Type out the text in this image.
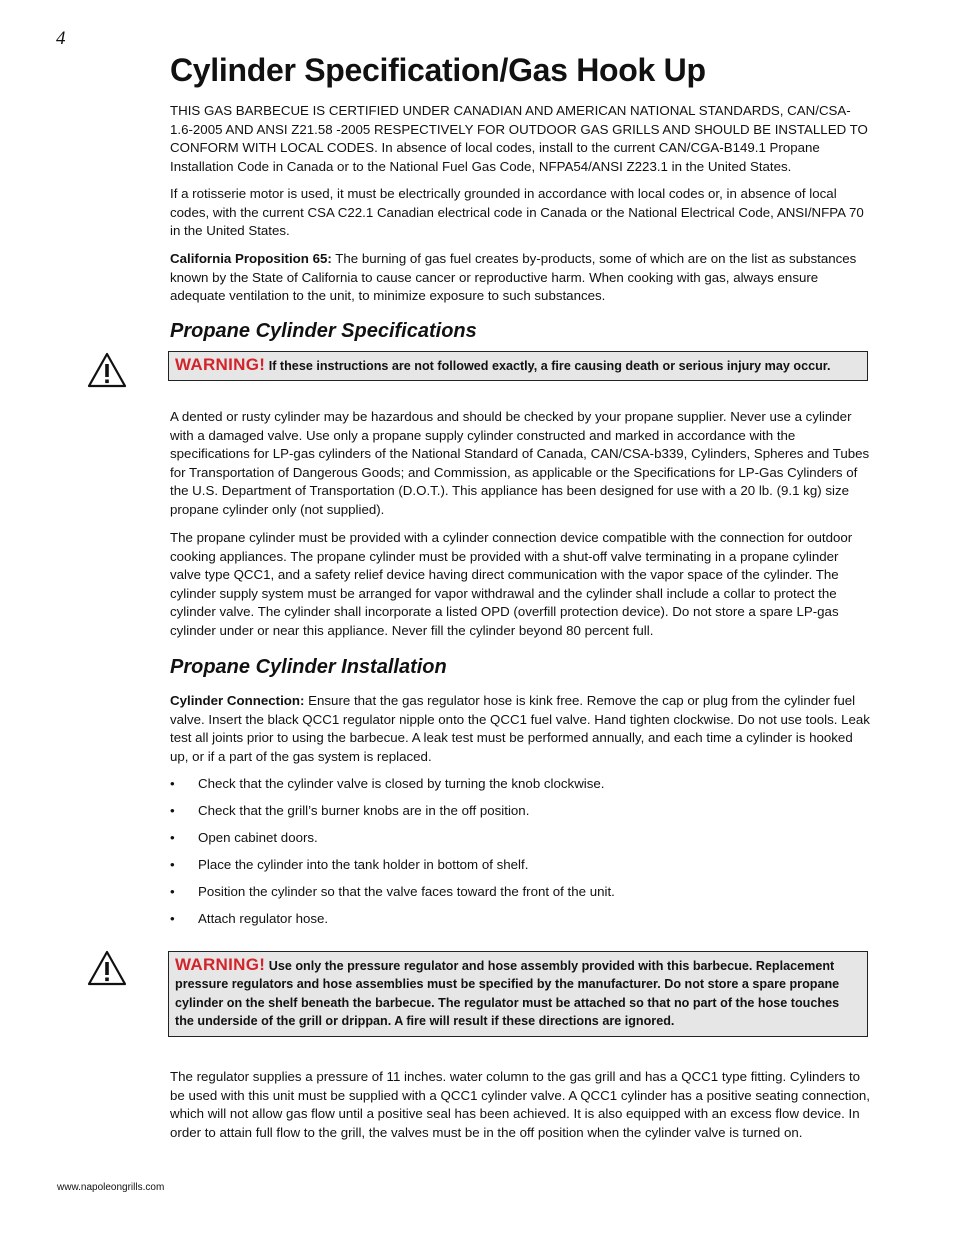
4
Cylinder Specification/Gas Hook Up

THIS GAS BARBECUE IS CERTIFIED UNDER CANADIAN AND AMERICAN NATIONAL STANDARDS, CAN/CSA-1.6-2005 AND ANSI Z21.58 -2005 RESPECTIVELY FOR OUTDOOR GAS GRILLS AND SHOULD BE INSTALLED TO CONFORM WITH LOCAL CODES. In absence of local codes, install to the current CAN/CGA-B149.1 Propane Installation Code in Canada or to the National Fuel Gas Code, NFPA54/ANSI Z223.1 in the United States.

If a rotisserie motor is used, it must be electrically grounded in accordance with local codes or, in absence of local codes, with the current CSA C22.1 Canadian electrical code in Canada or the National Electrical Code, ANSI/NFPA 70 in the United States.

California Proposition 65: The burning of gas fuel creates by-products, some of which are on the list as substances known by the State of California to cause cancer or reproductive harm. When cooking with gas, always ensure adequate ventilation to the unit, to minimize exposure to such substances.

Propane Cylinder Specifications
WARNING! If these instructions are not followed exactly, a fire causing death or serious injury may occur.

A dented or rusty cylinder may be hazardous and should be checked by your propane supplier. Never use a cylinder with a damaged valve. Use only a propane supply cylinder constructed and marked in accordance with the specifications for LP-gas cylinders of the National Standard of Canada, CAN/CSA-b339, Cylinders, Spheres and Tubes for Transportation of Dangerous Goods; and Commission, as applicable or the Specifications for LP-Gas Cylinders of the U.S. Department of Transportation (D.O.T.). This appliance has been designed for use with a 20 lb. (9.1 kg) size propane cylinder only (not supplied).

The propane cylinder must be provided with a cylinder connection device compatible with the connection for outdoor cooking appliances. The propane cylinder must be provided with a shut-off valve terminating in a propane cylinder valve type QCC1, and a safety relief device having direct communication with the vapor space of the cylinder. The cylinder supply system must be arranged for vapor withdrawal and the cylinder shall include a collar to protect the cylinder valve. The cylinder shall incorporate a listed OPD (overfill protection device). Do not store a spare LP-gas cylinder under or near this appliance. Never fill the cylinder beyond 80 percent full.

Propane Cylinder Installation

Cylinder Connection: Ensure that the gas regulator hose is kink free. Remove the cap or plug from the cylinder fuel valve. Insert the black QCC1 regulator nipple onto the QCC1 fuel valve. Hand tighten clockwise. Do not use tools. Leak test all joints prior to using the barbecue. A leak test must be performed annually, and each time a cylinder is hooked up, or if a part of the gas system is replaced.

• Check that the cylinder valve is closed by turning the knob clockwise.
• Check that the grill’s burner knobs are in the off position.
• Open cabinet doors.
• Place the cylinder into the tank holder in bottom of shelf.
• Position the cylinder so that the valve faces toward the front of the unit.
• Attach regulator hose.
WARNING! Use only the pressure regulator and hose assembly provided with this barbecue. Replacement pressure regulators and hose assemblies must be specified by the manufacturer. Do not store a spare propane cylinder on the shelf beneath the barbecue. The regulator must be attached so that no part of the hose touches the underside of the grill or drippan. A fire will result if these directions are ignored.

The regulator supplies a pressure of 11 inches. water column to the gas grill and has a QCC1 type fitting. Cylinders to be used with this unit must be supplied with a QCC1 cylinder valve. A QCC1 cylinder has a positive seating connection, which will not allow gas flow until a positive seal has been achieved. It is also equipped with an excess flow device. In order to attain full flow to the grill, the valves must be in the off position when the cylinder valve is turned on.

www.napoleongrills.com
